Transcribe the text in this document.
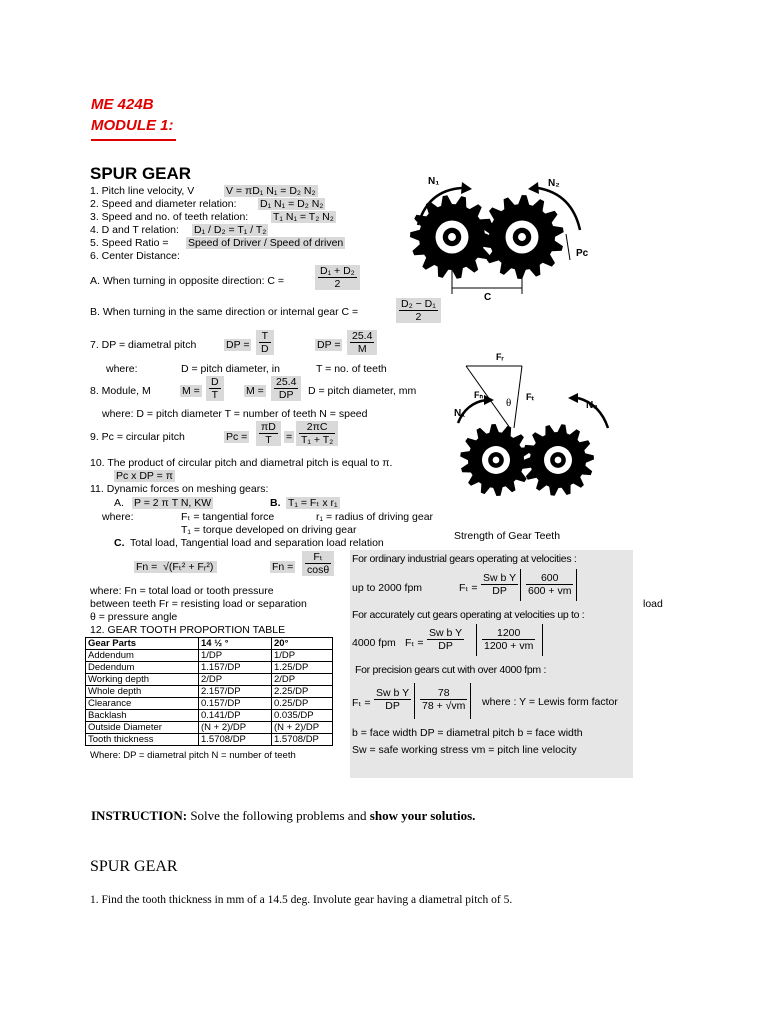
ME 424B
MODULE 1:
SPUR GEAR
1. Pitch line velocity, V	V = πD₁ N₁ = D₂ N₂
2. Speed and diameter relation: D₁ N₁ = D₂ N₂
3. Speed and no. of teeth relation: T₁ N₁ = T₂ N₂
4. D and T relation: D₁ / D₂ = T₁ / T₂
5. Speed Ratio = Speed of Driver / Speed of driven
6. Center Distance:
A. When turning in opposite direction: C =	$\frac{\text{D₁ + D₂}}{2}$
B. When turning in the same direction or internal gear C =	$\frac{\text{D₂ − D₁}}{2}$
7. DP = diametral pitch	DP = $\frac{T}{D}$	DP = $\frac{25.4}{M}$
where:	D = pitch diameter, in	T = no. of teeth
8. Module, M	$M = \frac{D}{T}$ $M = \frac{25.4}{DP}$ D = pitch diameter, mm
where: D = pitch diameter T = number of teeth N = speed
9. Pc = circular pitch	$Pc = \frac{\pi D}{T} = \frac{2\pi C}{\text{T₁ + T₂}}$
10. The product of circular pitch and diametral pitch is equal to π.
Pc x DP = π
11. Dynamic forces on meshing gears:
A. P = 2 π T N, KW	B. T₁ = Fₜ x r₁
where:	Fₜ = tangential force	r₁ = radius of driving gear
T₁ = torque developed on driving gear
C. Total load, Tangential load and separation load relation
Fn = √(Fₜ² + Fᵣ²)	$Fn = \frac{\text{Fₜ}}{\cos\theta}$
where: Fn = total load or tooth pressure
between teeth Fr = resisting load or separation
θ = pressure angle
12. GEAR TOOTH PROPORTION TABLE
Gear Parts	14 ½ °	20°
Addendum	1/DP	1/DP
Dedendum	1.157/DP	1.25/DP
Working depth	2/DP	2/DP
Whole depth	2.157/DP	2.25/DP
Clearance	0.157/DP	0.25/DP
Backlash	0.141/DP	0.035/DP
Outside Diameter	(N + 2)/DP	(N + 2)/DP
Tooth thickness	1.5708/DP	1.5708/DP
Where: DP = diametral pitch N = number of teeth
Strength of Gear Teeth
For ordinary industrial gears operating at velocities :
up to 2000 fpm	$F_t = \frac{\text{Sw b Y}}{DP} \frac{600}{600 + vm}$
For accurately cut gears operating at velocities up to :
load
4000 fpm $F_t = \frac{\text{Sw b Y}}{DP} \frac{1200}{1200 + vm}$
For precision gears cut with over 4000 fpm :
$F_t = \frac{\text{Sw b Y}}{DP} \frac{78}{78 + √vm}$ where : Y = Lewis form factor
b = face width DP = diametral pitch b = face width
Sw = safe working stress vm = pitch line velocity
N₁	N₂
Pc
C
Fᵣ
Fₙ	Fₜ
θ
N₁
N₂
INSTRUCTION: Solve the following problems and show your solutios.
SPUR GEAR
1. Find the tooth thickness in mm of a 14.5 deg. Involute gear having a diametral pitch of 5.
